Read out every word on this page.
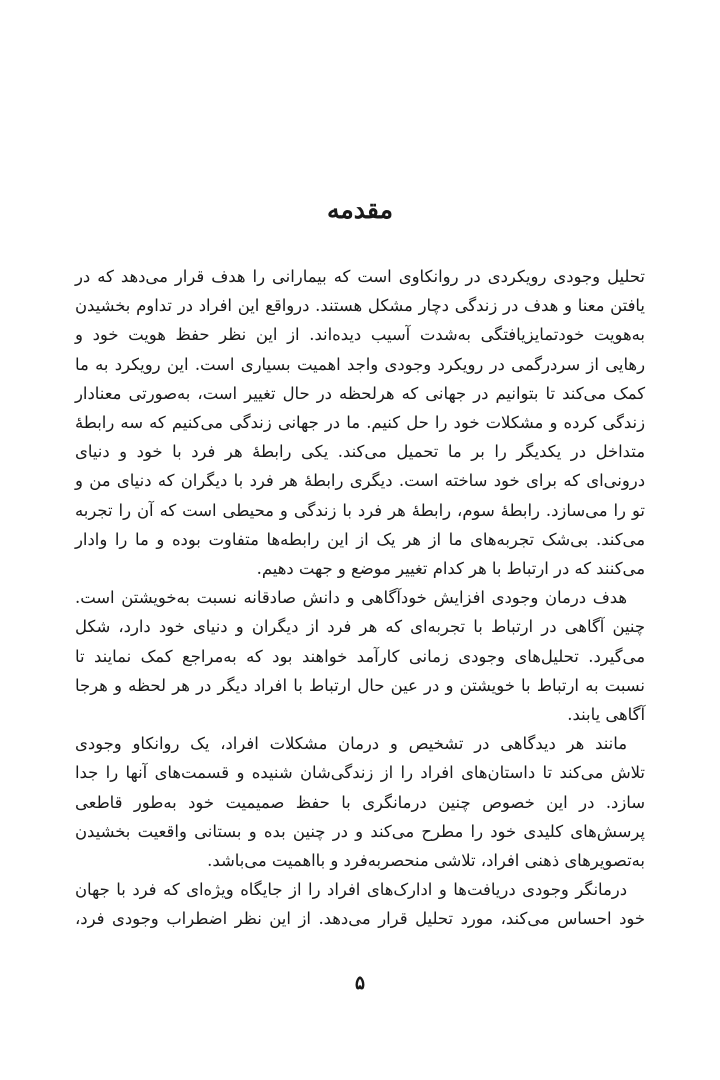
مقدمه
تحلیل وجودی رویکردی در روانکاوی است که بیمارانی را هدف قرار می‌دهد که در
یافتن معنا و هدف در زندگی دچار مشکل هستند. درواقع این افراد در تداوم بخشیدن
به‌هویت خودتمایزیافتگی به‌شدت آسیب دیده‌اند. از این نظر حفظ هویت خود و
رهایی از سردرگمی در رویکرد وجودی واجد اهمیت بسیاری است. این رویکرد به ما
کمک می‌کند تا بتوانیم در جهانی که هرلحظه در حال تغییر است، به‌صورتی معنادار
زندگی کرده و مشکلات خود را حل کنیم. ما در جهانی زندگی می‌کنیم که سه رابطهٔ
متداخل در یکدیگر را بر ما تحمیل می‌کند. یکی رابطهٔ هر فرد با خود و دنیای
درونی‌ای که برای خود ساخته است. دیگری رابطهٔ هر فرد با دیگران که دنیای من و
تو را می‌سازد. رابطهٔ سوم، رابطهٔ هر فرد با زندگی و محیطی است که آن را تجربه
می‌کند. بی‌شک تجربه‌های ما از هر یک از این رابطه‌ها متفاوت بوده و ما را وادار
می‌کنند که در ارتباط با هر کدام تغییر موضع و جهت دهیم.
هدف درمان وجودی افزایش خودآگاهی و دانش صادقانه نسبت به‌خویشتن است.
چنین آگاهی در ارتباط با تجربه‌ای که هر فرد از دیگران و دنیای خود دارد، شکل
می‌گیرد. تحلیل‌های وجودی زمانی کارآمد خواهند بود که به‌مراجع کمک نمایند تا
نسبت به ارتباط با خویشتن و در عین حال ارتباط با افراد دیگر در هر لحظه و هرجا
آگاهی یابند.
مانند هر دیدگاهی در تشخیص و درمان مشکلات افراد، یک روانکاو وجودی
تلاش می‌کند تا داستان‌های افراد را از زندگی‌شان شنیده و قسمت‌های آنها را جدا
سازد. در این خصوص چنین درمانگری با حفظ صمیمیت خود به‌طور قاطعی
پرسش‌های کلیدی خود را مطرح می‌کند و در چنین بده و بستانی واقعیت بخشیدن
به‌تصویرهای ذهنی افراد، تلاشی منحصربه‌فرد و بااهمیت می‌باشد.
درمانگر وجودی دریافت‌ها و ادارک‌های افراد را از جایگاه ویژه‌ای که فرد با جهان
خود احساس می‌کند، مورد تحلیل قرار می‌دهد. از این نظر اضطراب وجودی فرد،
۵
